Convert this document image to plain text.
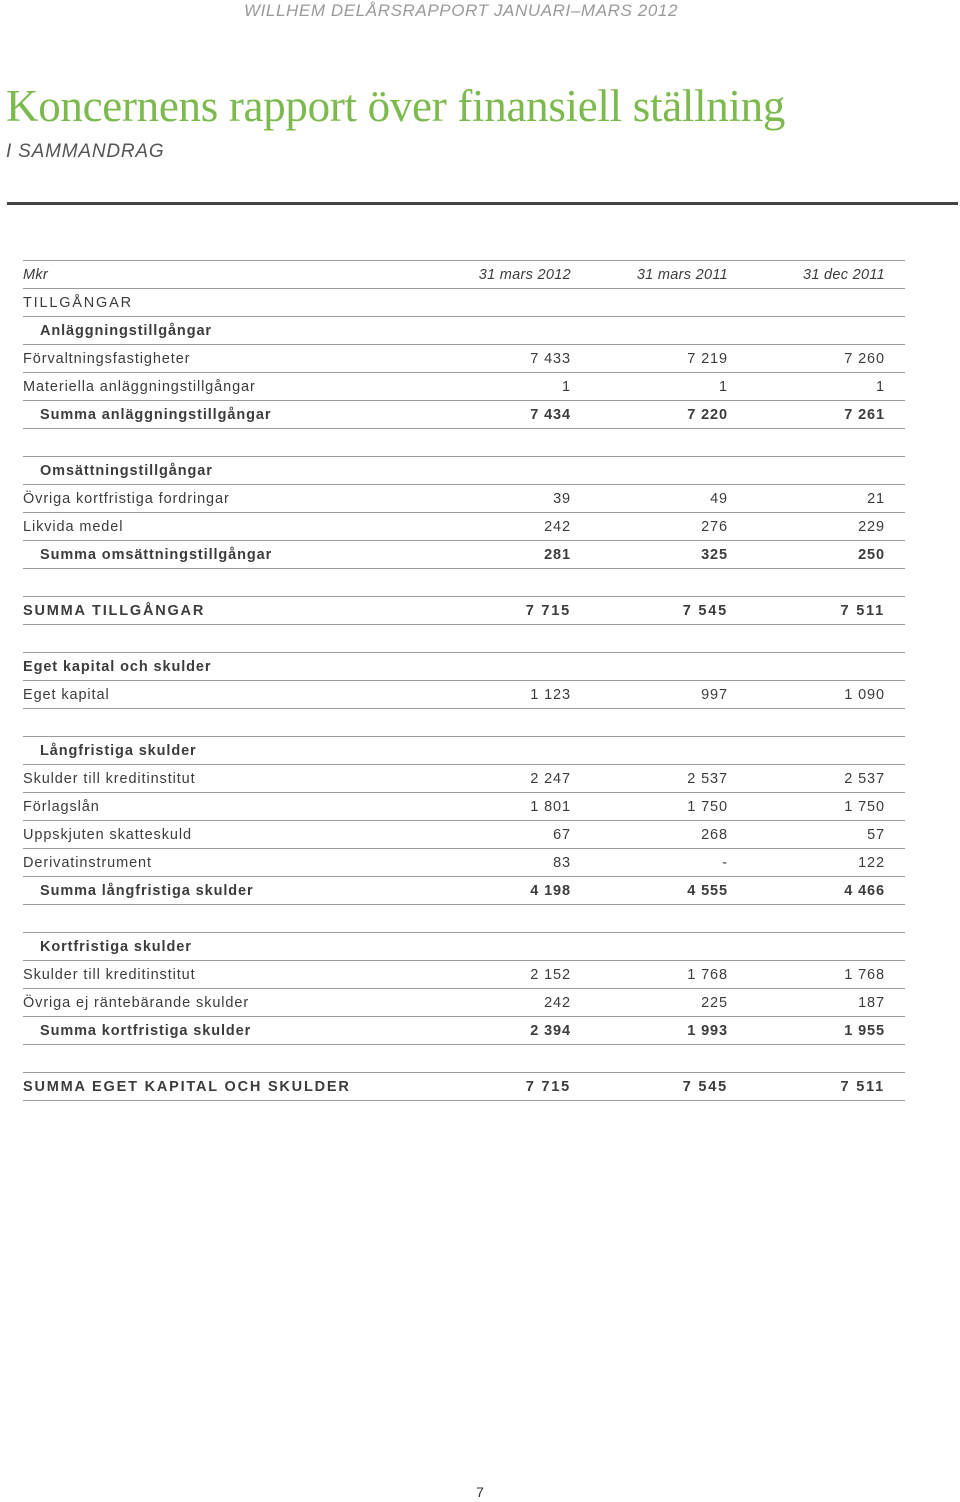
WILLHEM DELÅRSRAPPORT JANUARI–MARS 2012
Koncernens rapport över finansiell ställning
I SAMMANDRAG
Mkr	31 mars 2012	31 mars 2011	31 dec 2011
TILLGÅNGAR
Anläggningstillgångar
Förvaltningsfastigheter	7 433	7 219	7 260
Materiella anläggningstillgångar	1	1	1
Summa anläggningstillgångar	7 434	7 220	7 261
Omsättningstillgångar
Övriga kortfristiga fordringar	39	49	21
Likvida medel	242	276	229
Summa omsättningstillgångar	281	325	250
SUMMA TILLGÅNGAR	7 715	7 545	7 511
Eget kapital och skulder
Eget kapital	1 123	997	1 090
Långfristiga skulder
Skulder till kreditinstitut	2 247	2 537	2 537
Förlagslån	1 801	1 750	1 750
Uppskjuten skatteskuld	67	268	57
Derivatinstrument	83	-	122
Summa långfristiga skulder	4 198	4 555	4 466
Kortfristiga skulder
Skulder till kreditinstitut	2 152	1 768	1 768
Övriga ej räntebärande skulder	242	225	187
Summa kortfristiga skulder	2 394	1 993	1 955
SUMMA EGET KAPITAL OCH SKULDER	7 715	7 545	7 511
7
